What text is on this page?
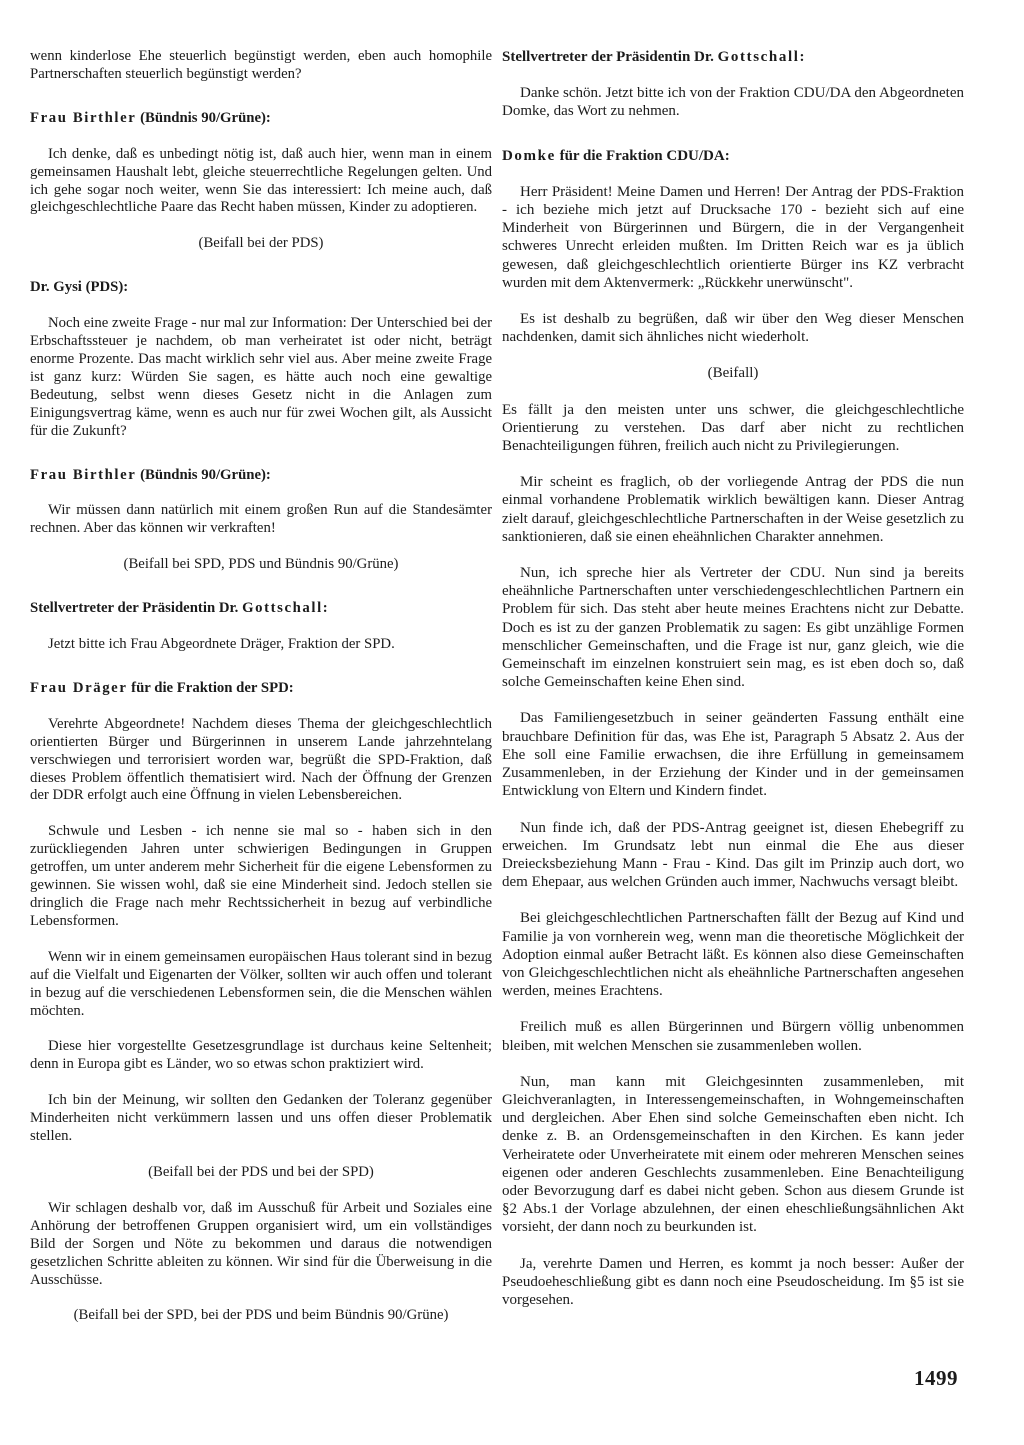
wenn kinderlose Ehe steuerlich begünstigt werden, eben auch homophile Partnerschaften steuerlich begünstigt werden?

Frau Birthler (Bündnis 90/Grüne):

Ich denke, daß es unbedingt nötig ist, daß auch hier, wenn man in einem gemeinsamen Haushalt lebt, gleiche steuerrechtliche Regelungen gelten. Und ich gehe sogar noch weiter, wenn Sie das interessiert: Ich meine auch, daß gleichgeschlechtliche Paare das Recht haben müssen, Kinder zu adoptieren.

(Beifall bei der PDS)

Dr. Gysi (PDS):

Noch eine zweite Frage - nur mal zur Information: Der Unterschied bei der Erbschaftssteuer je nachdem, ob man verheiratet ist oder nicht, beträgt enorme Prozente. Das macht wirklich sehr viel aus. Aber meine zweite Frage ist ganz kurz: Würden Sie sagen, es hätte auch noch eine gewaltige Bedeutung, selbst wenn dieses Gesetz nicht in die Anlagen zum Einigungsvertrag käme, wenn es auch nur für zwei Wochen gilt, als Aussicht für die Zukunft?

Frau Birthler (Bündnis 90/Grüne):

Wir müssen dann natürlich mit einem großen Run auf die Standesämter rechnen. Aber das können wir verkraften!

(Beifall bei SPD, PDS und Bündnis 90/Grüne)

Stellvertreter der Präsidentin Dr. Gottschall:

Jetzt bitte ich Frau Abgeordnete Dräger, Fraktion der SPD.

Frau Dräger für die Fraktion der SPD:

Verehrte Abgeordnete! Nachdem dieses Thema der gleichgeschlechtlich orientierten Bürger und Bürgerinnen in unserem Lande jahrzehntelang verschwiegen und terrorisiert worden war, begrüßt die SPD-Fraktion, daß dieses Problem öffentlich thematisiert wird. Nach der Öffnung der Grenzen der DDR erfolgt auch eine Öffnung in vielen Lebensbereichen.

Schwule und Lesben - ich nenne sie mal so - haben sich in den zurückliegenden Jahren unter schwierigen Bedingungen in Gruppen getroffen, um unter anderem mehr Sicherheit für die eigene Lebensformen zu gewinnen. Sie wissen wohl, daß sie eine Minderheit sind. Jedoch stellen sie dringlich die Frage nach mehr Rechtssicherheit in bezug auf verbindliche Lebensformen.

Wenn wir in einem gemeinsamen europäischen Haus tolerant sind in bezug auf die Vielfalt und Eigenarten der Völker, sollten wir auch offen und tolerant in bezug auf die verschiedenen Lebensformen sein, die die Menschen wählen möchten.

Diese hier vorgestellte Gesetzesgrundlage ist durchaus keine Seltenheit; denn in Europa gibt es Länder, wo so etwas schon praktiziert wird.

Ich bin der Meinung, wir sollten den Gedanken der Toleranz gegenüber Minderheiten nicht verkümmern lassen und uns offen dieser Problematik stellen.

(Beifall bei der PDS und bei der SPD)

Wir schlagen deshalb vor, daß im Ausschuß für Arbeit und Soziales eine Anhörung der betroffenen Gruppen organisiert wird, um ein vollständiges Bild der Sorgen und Nöte zu bekommen und daraus die notwendigen gesetzlichen Schritte ableiten zu können. Wir sind für die Überweisung in die Ausschüsse.

(Beifall bei der SPD, bei der PDS und beim Bündnis 90/Grüne)

Stellvertreter der Präsidentin Dr. Gottschall:

Danke schön. Jetzt bitte ich von der Fraktion CDU/DA den Abgeordneten Domke, das Wort zu nehmen.

Domke für die Fraktion CDU/DA:

Herr Präsident! Meine Damen und Herren! Der Antrag der PDS-Fraktion - ich beziehe mich jetzt auf Drucksache 170 - bezieht sich auf eine Minderheit von Bürgerinnen und Bürgern, die in der Vergangenheit schweres Unrecht erleiden mußten. Im Dritten Reich war es ja üblich gewesen, daß gleichgeschlechtlich orientierte Bürger ins KZ verbracht wurden mit dem Aktenvermerk: „Rückkehr unerwünscht".

Es ist deshalb zu begrüßen, daß wir über den Weg dieser Menschen nachdenken, damit sich ähnliches nicht wiederholt.

(Beifall)

Es fällt ja den meisten unter uns schwer, die gleichgeschlechtliche Orientierung zu verstehen. Das darf aber nicht zu rechtlichen Benachteiligungen führen, freilich auch nicht zu Privilegierungen.

Mir scheint es fraglich, ob der vorliegende Antrag der PDS die nun einmal vorhandene Problematik wirklich bewältigen kann. Dieser Antrag zielt darauf, gleichgeschlechtliche Partnerschaften in der Weise gesetzlich zu sanktionieren, daß sie einen eheähnlichen Charakter annehmen.

Nun, ich spreche hier als Vertreter der CDU. Nun sind ja bereits eheähnliche Partnerschaften unter verschiedengeschlechtlichen Partnern ein Problem für sich. Das steht aber heute meines Erachtens nicht zur Debatte. Doch es ist zu der ganzen Problematik zu sagen: Es gibt unzählige Formen menschlicher Gemeinschaften, und die Frage ist nur, ganz gleich, wie die Gemeinschaft im einzelnen konstruiert sein mag, es ist eben doch so, daß solche Gemeinschaften keine Ehen sind.

Das Familiengesetzbuch in seiner geänderten Fassung enthält eine brauchbare Definition für das, was Ehe ist, Paragraph 5 Absatz 2. Aus der Ehe soll eine Familie erwachsen, die ihre Erfüllung in gemeinsamem Zusammenleben, in der Erziehung der Kinder und in der gemeinsamen Entwicklung von Eltern und Kindern findet.

Nun finde ich, daß der PDS-Antrag geeignet ist, diesen Ehebegriff zu erweichen. Im Grundsatz lebt nun einmal die Ehe aus dieser Dreiecksbeziehung Mann - Frau - Kind. Das gilt im Prinzip auch dort, wo dem Ehepaar, aus welchen Gründen auch immer, Nachwuchs versagt bleibt.

Bei gleichgeschlechtlichen Partnerschaften fällt der Bezug auf Kind und Familie ja von vornherein weg, wenn man die theoretische Möglichkeit der Adoption einmal außer Betracht läßt. Es können also diese Gemeinschaften von Gleichgeschlechtlichen nicht als eheähnliche Partnerschaften angesehen werden, meines Erachtens.

Freilich muß es allen Bürgerinnen und Bürgern völlig unbenommen bleiben, mit welchen Menschen sie zusammenleben wollen.

Nun, man kann mit Gleichgesinnten zusammenleben, mit Gleichveranlagten, in Interessengemeinschaften, in Wohngemeinschaften und dergleichen. Aber Ehen sind solche Gemeinschaften eben nicht. Ich denke z. B. an Ordensgemeinschaften in den Kirchen. Es kann jeder Verheiratete oder Unverheiratete mit einem oder mehreren Menschen seines eigenen oder anderen Geschlechts zusammenleben. Eine Benachteiligung oder Bevorzugung darf es dabei nicht geben. Schon aus diesem Grunde ist §2 Abs.1 der Vorlage abzulehnen, der einen eheschließungsähnlichen Akt vorsieht, der dann noch zu beurkunden ist.

Ja, verehrte Damen und Herren, es kommt ja noch besser: Außer der Pseudoeheschließung gibt es dann noch eine Pseudoscheidung. Im §5 ist sie vorgesehen.

1499
